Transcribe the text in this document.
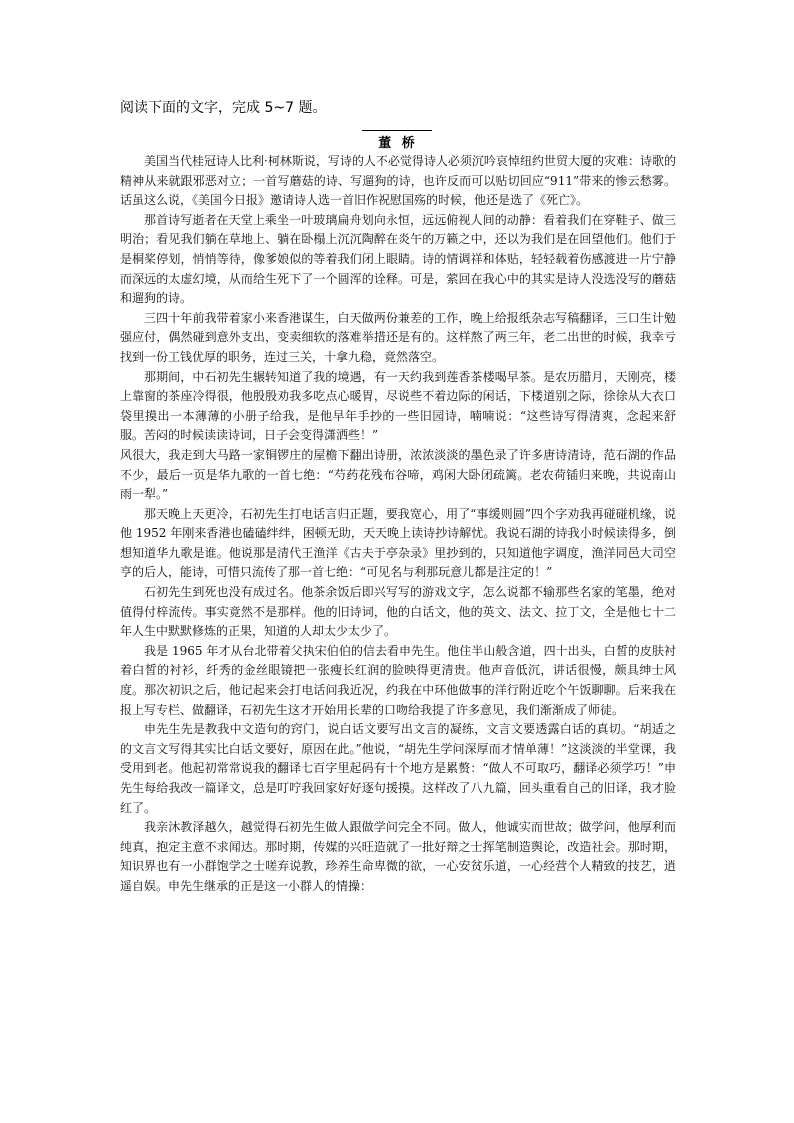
阅读下面的文字，完成 5~7 题。
董 桥

美国当代桂冠诗人比利·柯林斯说，写诗的人不必觉得诗人必须沉吟哀悼纽约世贸大厦的灾难：诗歌的精神从来就跟邪恶对立；一首写蘑菇的诗、写遛狗的诗，也许反而可以贴切回应“911”带来的惨云愁雾。话虽这么说，《美国今日报》邀请诗人选一首旧作祝慰国殇的时候，他还是选了《死亡》。

那首诗写逝者在天堂上乘坐一叶玻璃扁舟划向永恒，远远俯视人间的动静：看着我们在穿鞋子、做三明治；看见我们躺在草地上、躺在卧榻上沉沉陶醉在炎午的万籁之中，还以为我们是在回望他们。他们于是桐桨停划，悄悄等待，像爹娘似的等着我们闭上眼睛。诗的情调祥和体贴，轻轻载着伤感渡进一片宁静而深远的太虚幻境，从而给生死下了一个圆浑的诠释。可是，萦回在我心中的其实是诗人没选没写的蘑菇和遛狗的诗。

三四十年前我带着家小来香港谋生，白天做两份兼差的工作，晚上给报纸杂志写稿翻译，三口生计勉强应付，偶然碰到意外支出，变卖细软的落难举措还是有的。这样熬了两三年，老二出世的时候，我幸亏找到一份工钱优厚的职务，连过三关，十拿九稳，竟然落空。

那期间，中石初先生辗转知道了我的境遇，有一天约我到莲香茶楼喝早茶。是农历腊月，天刚亮，楼上靠窗的茶座冷得很，他殷殷劝我多吃点心暖胃，尽说些不着边际的闲话，下楼道别之际，徐徐从大衣口袋里摸出一本薄薄的小册子给我，是他早年手抄的一些旧园诗，喃喃说：“这些诗写得清爽，念起来舒服。苦闷的时候读读诗词，日子会变得潇洒些！”

风很大，我走到大马路一家铜锣庄的屋檐下翻出诗册，浓浓淡淡的墨色录了许多唐诗清诗，范石湖的作品不少，最后一页是华九歌的一首七绝：“芍药花残布谷啼，鸡闲大卧闭疏篱。老农荷锸归来晚，共说南山雨一犁。”

那天晚上天更冷，石初先生打电话言归正题，要我宽心，用了“事缓则圆”四个字劝我再碰碰机缘，说他 1952 年刚来香港也磕磕绊绊，困顿无助，天天晚上读诗抄诗解忧。我说石湖的诗我小时候读得多，倒想知道华九歌是谁。他说那是清代王渔洋《古夫于亭杂录》里抄到的，只知道他字调度，渔洋同邑大司空亨的后人，能诗，可惜只流传了那一首七绝：“可见名与利那玩意儿都是注定的！”

石初先生到死也没有成过名。他茶余饭后即兴写写的游戏文字，怎么说都不输那些名家的笔墨，绝对值得付梓流传。事实竟然不是那样。他的旧诗词，他的白话文，他的英文、法文、拉丁文，全是他七十二年人生中默默修炼的正果，知道的人却太少太少了。

我是 1965 年才从台北带着父执宋伯伯的信去看申先生。他住半山般含道，四十出头，白皙的皮肤衬着白皙的衬衫，纤秀的金丝眼镜把一张瘦长红润的脸映得更清贵。他声音低沉，讲话很慢，颇具绅士风度。那次初识之后，他记起来会打电话问我近况，约我在中环他做事的洋行附近吃个午饭聊聊。后来我在报上写专栏、做翻译，石初先生这才开始用长辈的口吻给我提了许多意见，我们渐渐成了师徒。

申先生先是教我中文造句的窍门，说白话文要写出文言的凝练，文言文要透露白话的真切。“胡适之的文言文写得其实比白话文要好，原因在此。”他说，“胡先生学问深厚而才情单薄！”这淡淡的半堂课，我受用到老。他起初常常说我的翻译七百字里起码有十个地方是累赘：“做人不可取巧，翻译必须学巧！”申先生每给我改一篇译文，总是叮咛我回家好好逐句援摸。这样改了八九篇，回头重看自己的旧译，我才脸红了。

我亲沐教泽越久，越觉得石初先生做人跟做学问完全不同。做人，他诚实而世故；做学问，他厚利而纯真，抱定主意不求闻达。那时期，传媒的兴旺造就了一批好辩之士挥笔制造舆论，改造社会。那时期，知识界也有一小群饱学之士嗟弃说教，珍养生命卑微的欲，一心安贫乐道，一心经营个人精致的技艺，逍遥自娱。申先生继承的正是这一小群人的情操：
